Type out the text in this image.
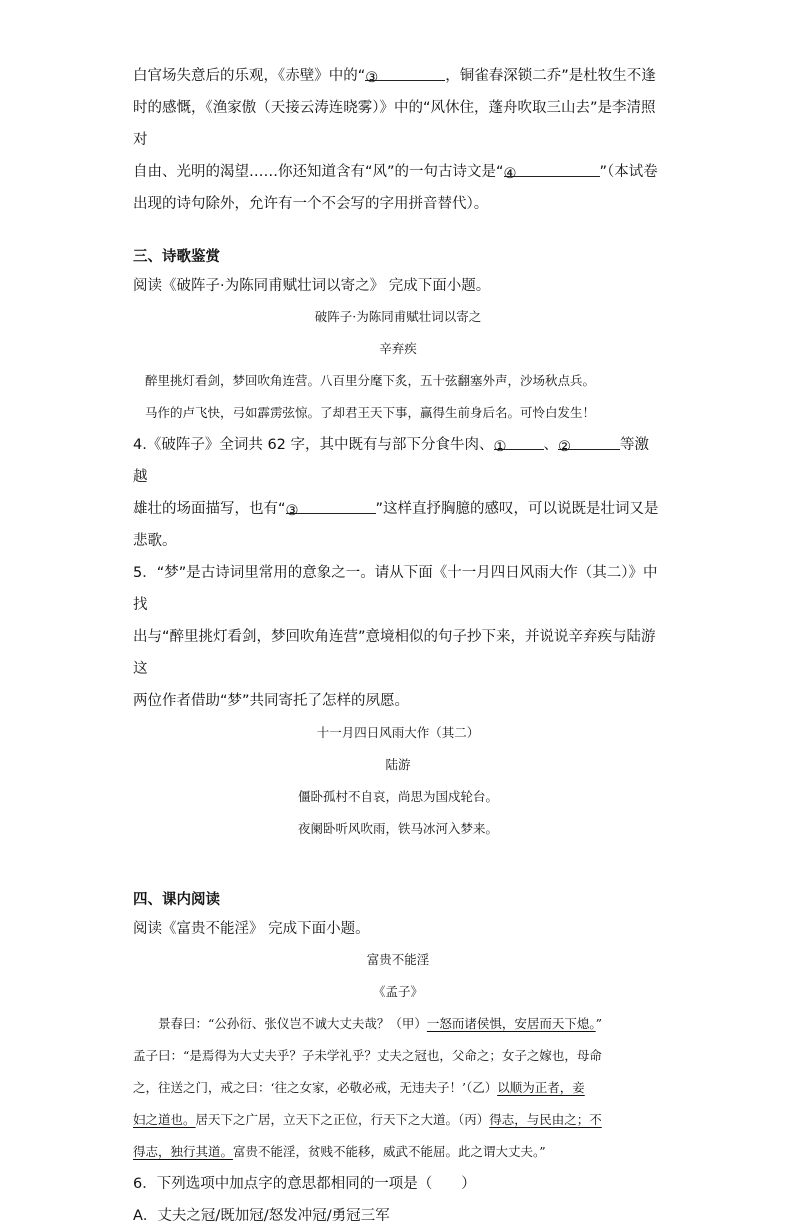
白官场失意后的乐观，《赤壁》中的“③	，铜雀春深锁二乔”是杜牧生不逢

时的感慨，《渔家傲（天接云涛连晓雾）》中的“风休住，蓬舟吹取三山去”是李清照对

自由、光明的渴望……你还知道含有“风”的一句古诗文是“④	”（本试卷

出现的诗句除外，允许有一个不会写的字用拼音替代）。

三、诗歌鉴赏

阅读《破阵子·为陈同甫赋壮词以寄之》 完成下面小题。

破阵子·为陈同甫赋壮词以寄之

辛弃疾

醉里挑灯看剑，梦回吹角连营。八百里分麾下炙，五十弦翻塞外声，沙场秋点兵。

马作的卢飞快，弓如霹雳弦惊。了却君王天下事，赢得生前身后名。可怜白发生！

4.《破阵子》全词共 62 字，其中既有与部下分食牛肉、①	、②	等激越

雄壮的场面描写，也有“③	”这样直抒胸臆的感叹，可以说既是壮词又是

悲歌。

5．“梦”是古诗词里常用的意象之一。请从下面《十一月四日风雨大作（其二）》中找

出与“醉里挑灯看剑，梦回吹角连营”意境相似的句子抄下来，并说说辛弃疾与陆游这

两位作者借助“梦”共同寄托了怎样的夙愿。

十一月四日风雨大作（其二）

陆游

僵卧孤村不自哀，尚思为国戍轮台。

夜阑卧听风吹雨，铁马冰河入梦来。

四、课内阅读

阅读《富贵不能淫》 完成下面小题。

富贵不能淫

《孟子》

景春曰：“公孙衍、张仪岂不诚大丈夫哉？（甲）一怒而诸侯惧，安居而天下熄。”

孟子曰：“是焉得为大丈夫乎？子未学礼乎？丈夫之冠也，父命之；女子之嫁也，母命

之，往送之门，戒之曰：‘往之女家，必敬必戒，无违夫子！’（乙）以顺为正者，妾

妇之道也。居天下之广居，立天下之正位，行天下之大道。（丙）得志，与民由之；不

得志，独行其道。富贵不能淫，贫贱不能移，威武不能屈。此之谓大丈夫。”

6．下列选项中加点字的意思都相同的一项是（　　）

A．丈夫之冠/既加冠/怒发冲冠/勇冠三军
